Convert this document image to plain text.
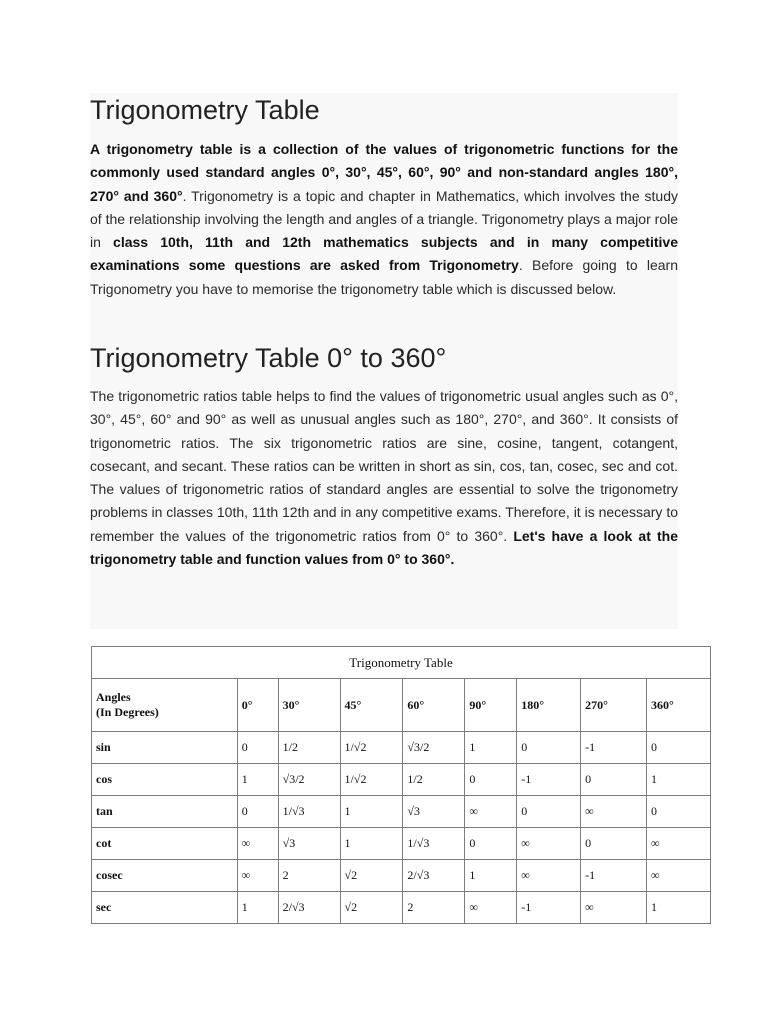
Trigonometry Table

A trigonometry table is a collection of the values of trigonometric functions for the commonly used standard angles 0°, 30°, 45°, 60°, 90° and non-standard angles 180°, 270° and 360°. Trigonometry is a topic and chapter in Mathematics, which involves the study of the relationship involving the length and angles of a triangle. Trigonometry plays a major role in class 10th, 11th and 12th mathematics subjects and in many competitive examinations some questions are asked from Trigonometry. Before going to learn Trigonometry you have to memorise the trigonometry table which is discussed below.

Trigonometry Table 0° to 360°

The trigonometric ratios table helps to find the values of trigonometric usual angles such as 0°, 30°, 45°, 60° and 90° as well as unusual angles such as 180°, 270°, and 360°. It consists of trigonometric ratios. The six trigonometric ratios are sine, cosine, tangent, cotangent, cosecant, and secant. These ratios can be written in short as sin, cos, tan, cosec, sec and cot. The values of trigonometric ratios of standard angles are essential to solve the trigonometry problems in classes 10th, 11th 12th and in any competitive exams. Therefore, it is necessary to remember the values of the trigonometric ratios from 0° to 360°. Let's have a look at the trigonometry table and function values from 0° to 360°.

Trigonometry Table								

Angles
(In Degrees)	0°	30°	45°	60°	90°	180°	270°	360°
sin	0	1/2	1/√2	√3/2	1	0	-1	0
cos	1	√3/2	1/√2	1/2	0	-1	0	1
tan	0	1/√3	1	√3	∞	0	∞	0
cot	∞	√3	1	1/√3	0	∞	0	∞
cosec	∞	2	√2	2/√3	1	∞	-1	∞
sec	1	2/√3	√2	2	∞	-1	∞	1
